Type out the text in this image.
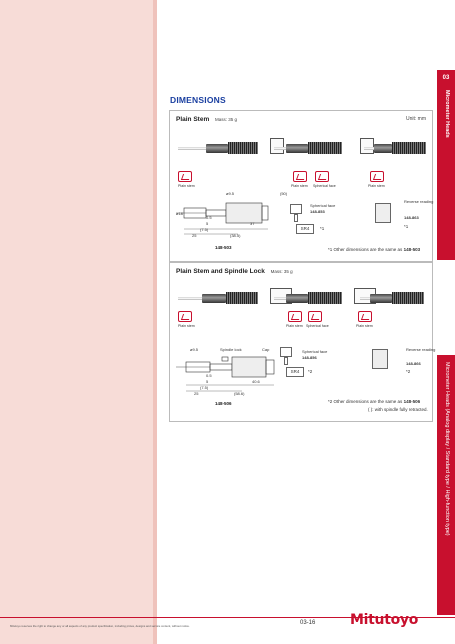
03
Micrometer Heads
Micrometer Heads (Analog display / Standard type / High-function type)
DIMENSIONS
Plain Stem Mass: 35 g	Unit: mm
Plain stem	Plain stem Spherical face	Plain stem
ø9.5	(50)
ø18
0.5
5
(7.5)
37
25	(38.5)
148-503
Spherical face
148-853
SR4	*1
Reverse reading
148-863
*1
*1 Other dimensions are the same as 148-503
Plain Stem and Spindle Lock Mass: 35 g
Plain stem	Plain stem Spherical face	Plain stem
ø9.5	Spindle lock	Cap
0.5
5
(7.5)
40.6
25	(58.6)
148-506
Spherical face
148-856
SR4	*2
Reverse reading
148-866
*2
*2 Other dimensions are the same as 148-506
( ): with spindle fully retracted.
Mitutoyo reserves the right to change any or all aspects of any product specification, including prices, designs and service content, without notice.	03-16 Mitutoyo
